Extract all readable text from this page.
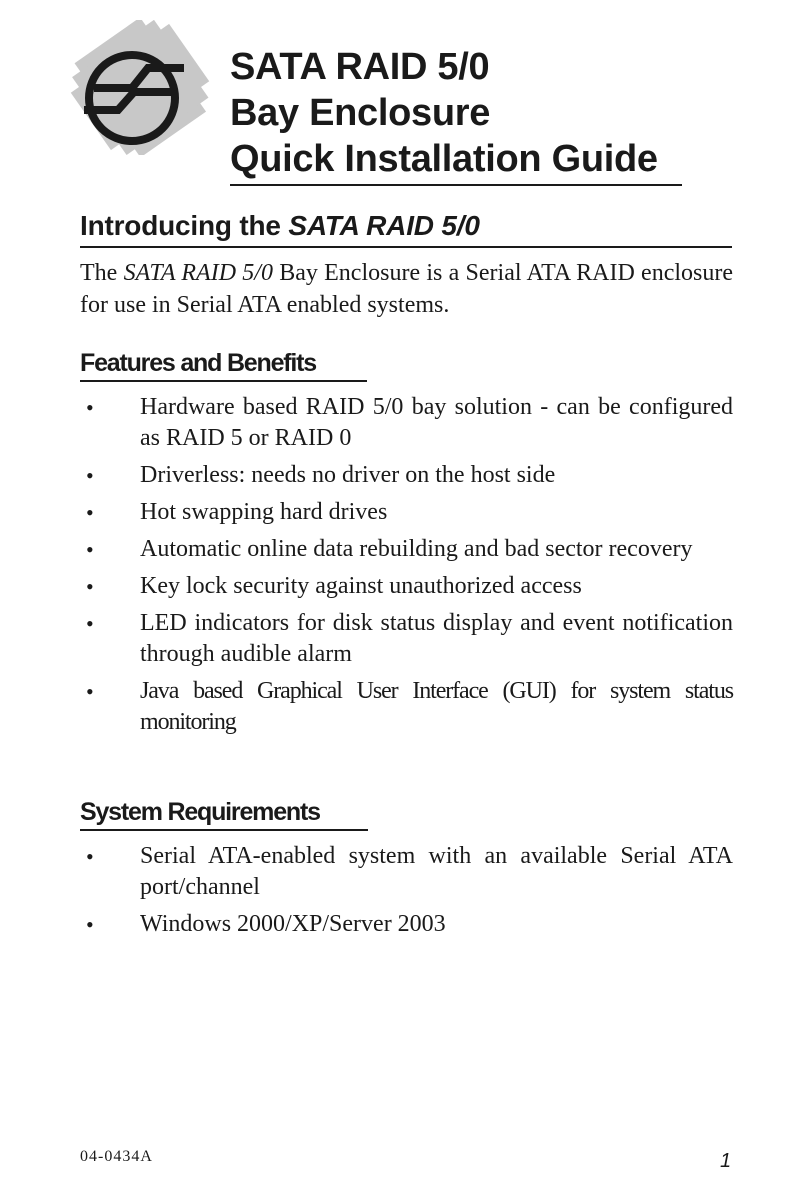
SATA RAID 5/0
Bay Enclosure
Quick Installation Guide
Introducing the SATA RAID 5/0
The SATA RAID 5/0 Bay Enclosure is a Serial ATA RAID enclosure for use in Serial ATA enabled systems.
Features and Benefits
• Hardware based RAID 5/0 bay solution - can be configured as RAID 5 or RAID 0
• Driverless: needs no driver on the host side
• Hot swapping hard drives
• Automatic online data rebuilding and bad sector recovery
• Key lock security against unauthorized access
• LED indicators for disk status display and event notification through audible alarm
• Java based Graphical User Interface (GUI) for system status monitoring
System Requirements
• Serial ATA-enabled system with an available Serial ATA port/channel
• Windows 2000/XP/Server 2003
04-0434A	1
